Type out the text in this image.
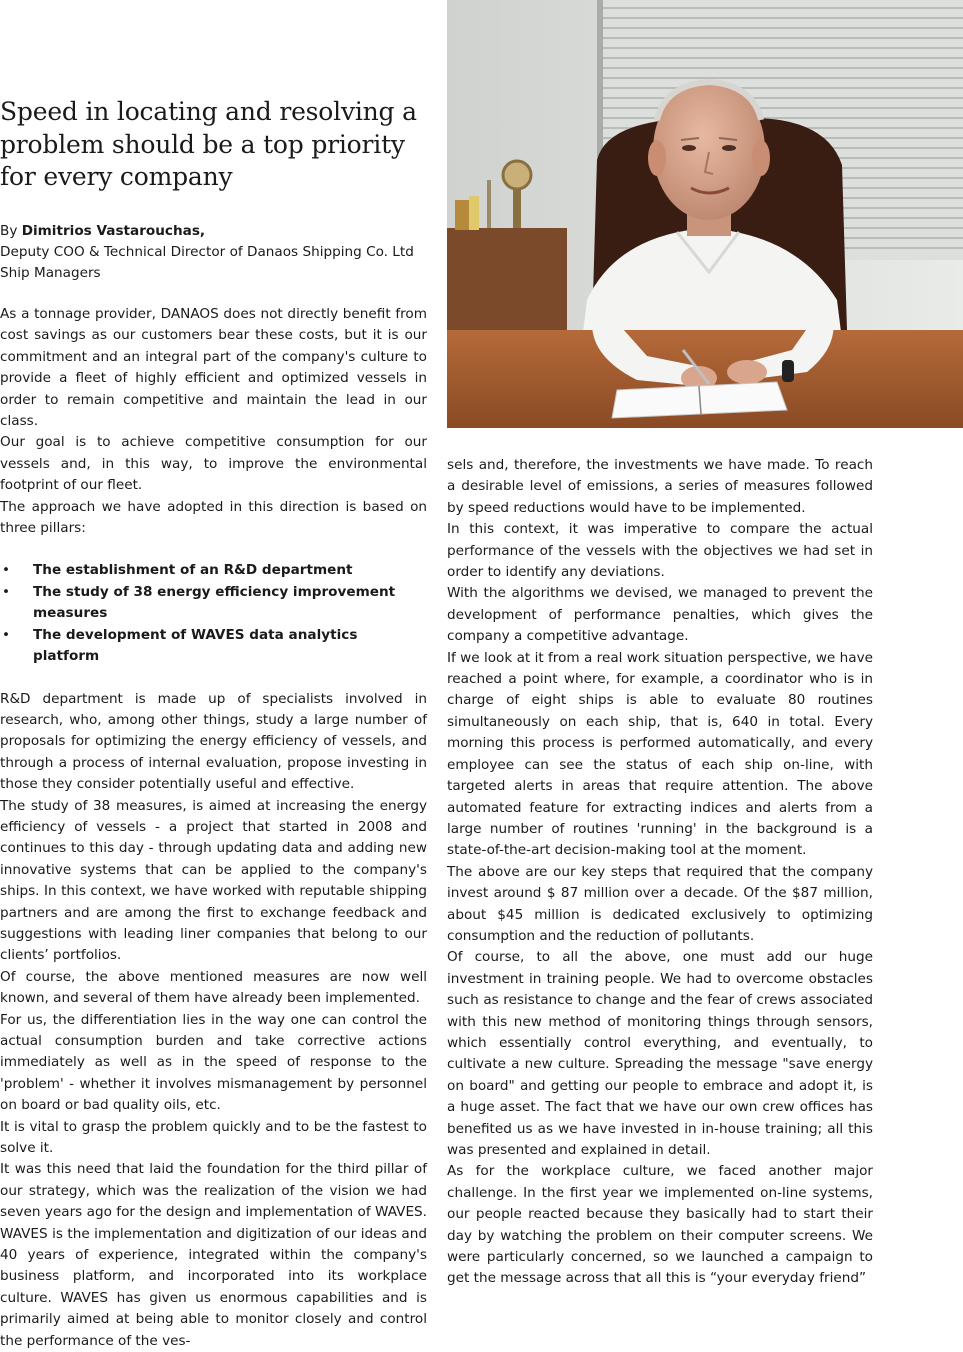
Speed in locating and resolving a problem should be a top priority for every company
By Dimitrios Vastarouchas,
Deputy COO & Technical Director of Danaos Shipping Co. Ltd Ship Managers

As a tonnage provider, DANAOS does not directly benefit from cost savings as our customers bear these costs, but it is our commitment and an integral part of the company's culture to provide a fleet of highly efficient and optimized vessels in order to remain competitive and maintain the lead in our class.

Our goal is to achieve competitive consumption for our vessels and, in this way, to improve the environmental footprint of our fleet.

The approach we have adopted in this direction is based on three pillars:

• The establishment of an R&D department
• The study of 38 energy efficiency improvement measures
• The development of WAVES data analytics platform

R&D department is made up of specialists involved in research, who, among other things, study a large number of proposals for optimizing the energy efficiency of vessels, and through a process of internal evaluation, propose investing in those they consider potentially useful and effective.

The study of 38 measures, is aimed at increasing the energy efficiency of vessels - a project that started in 2008 and continues to this day - through updating data and adding new innovative systems that can be applied to the company's ships. In this context, we have worked with reputable shipping partners and are among the first to exchange feedback and suggestions with leading liner companies that belong to our clients’ portfolios.

Of course, the above mentioned measures are now well known, and several of them have already been implemented.

For us, the differentiation lies in the way one can control the actual consumption burden and take corrective actions immediately as well as in the speed of response to the 'problem' - whether it involves mismanagement by personnel on board or bad quality oils, etc.

It is vital to grasp the problem quickly and to be the fastest to solve it.

It was this need that laid the foundation for the third pillar of our strategy, which was the realization of the vision we had seven years ago for the design and implementation of WAVES. WAVES is the implementation and digitization of our ideas and 40 years of experience, integrated within the company's business platform, and incorporated into its workplace culture. WAVES has given us enormous capabilities and is primarily aimed at being able to monitor closely and control the performance of the ves-

sels and, therefore, the investments we have made. To reach a desirable level of emissions, a series of measures followed by speed reductions would have to be implemented.

In this context, it was imperative to compare the actual performance of the vessels with the objectives we had set in order to identify any deviations.

With the algorithms we devised, we managed to prevent the development of performance penalties, which gives the company a competitive advantage.

If we look at it from a real work situation perspective, we have reached a point where, for example, a coordinator who is in charge of eight ships is able to evaluate 80 routines simultaneously on each ship, that is, 640 in total. Every morning this process is performed automatically, and every employee can see the status of each ship on-line, with targeted alerts in areas that require attention. The above automated feature for extracting indices and alerts from a large number of routines 'running' in the background is a state-of-the-art decision-making tool at the moment.

The above are our key steps that required that the company invest around $ 87 million over a decade. Of the $87 million, about $45 million is dedicated exclusively to optimizing consumption and the reduction of pollutants.

Of course, to all the above, one must add our huge investment in training people. We had to overcome obstacles such as resistance to change and the fear of crews associated with this new method of monitoring things through sensors, which essentially control everything, and eventually, to cultivate a new culture. Spreading the message "save energy on board" and getting our people to embrace and adopt it, is a huge asset. The fact that we have our own crew offices has benefited us as we have invested in in-house training; all this was presented and explained in detail.

As for the workplace culture, we faced another major challenge. In the first year we implemented on-line systems, our people reacted because they basically had to start their day by watching the problem on their computer screens. We were particularly concerned, so we launched a campaign to get the message across that all this is “your everyday friend”
